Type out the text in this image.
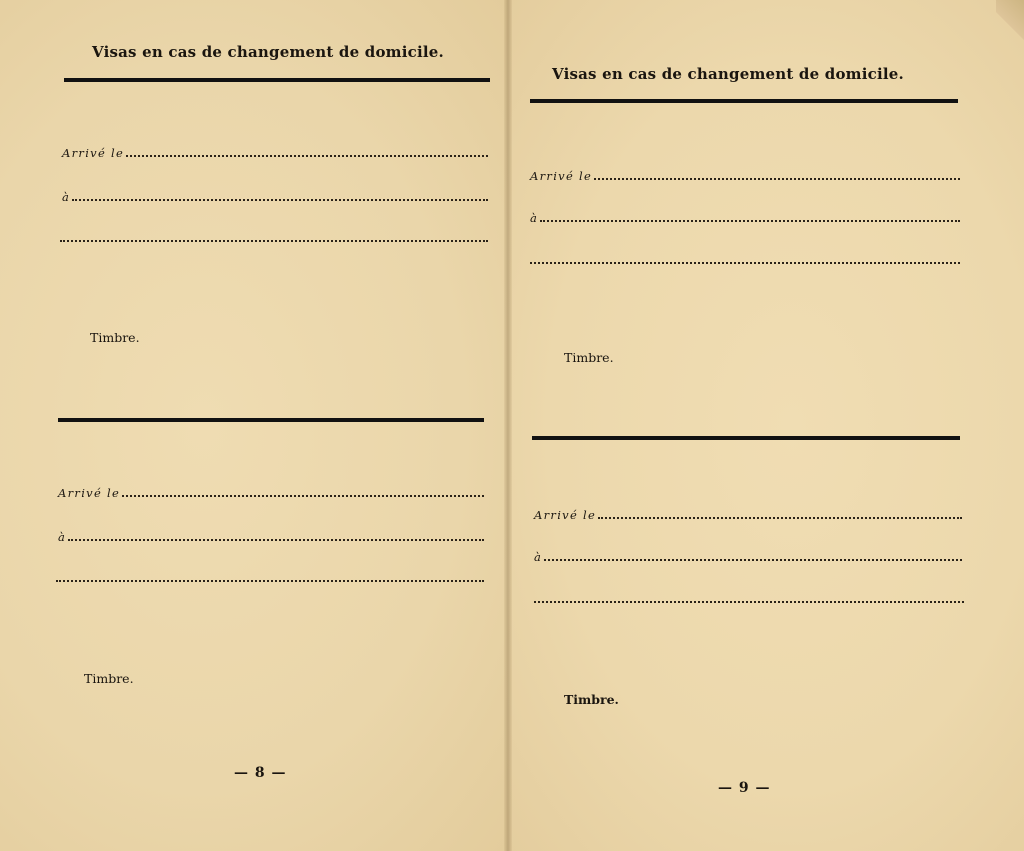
Visas en cas de changement de domicile.
Arrivé le
à
Timbre.
Arrivé le
à
Timbre.
— 8 —
Visas en cas de changement de domicile.
Arrivé le
à
Timbre.
Arrivé le
à
Timbre.
— 9 —
